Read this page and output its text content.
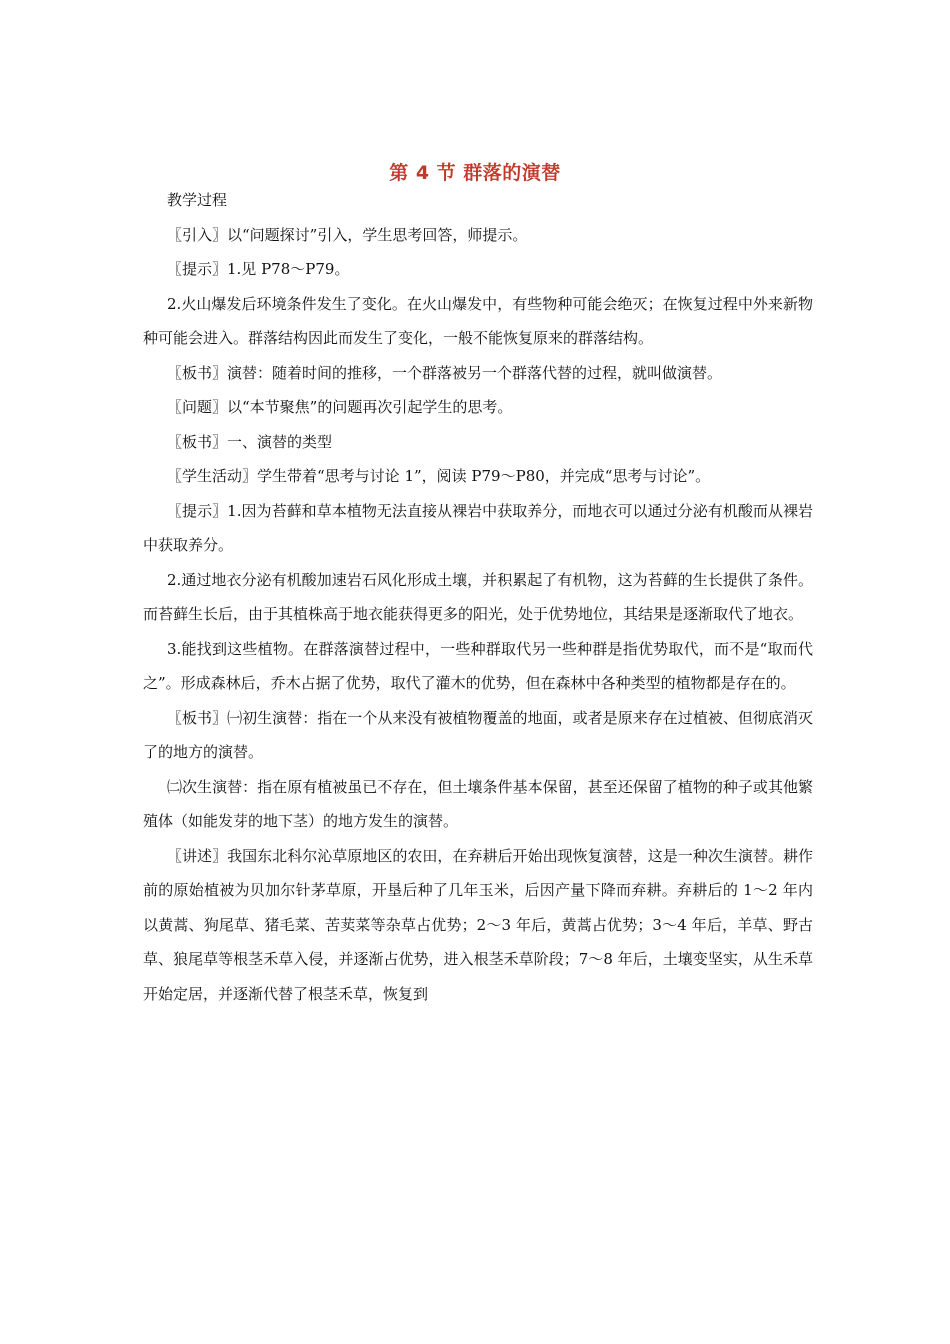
第 4 节 群落的演替

教学过程

〖引入〗以“问题探讨”引入，学生思考回答，师提示。

〖提示〗1.见 P78～P79。

2.火山爆发后环境条件发生了变化。在火山爆发中，有些物种可能会绝灭；在恢复过程中外来新物种可能会进入。群落结构因此而发生了变化，一般不能恢复原来的群落结构。

〖板书〗演替：随着时间的推移，一个群落被另一个群落代替的过程，就叫做演替。

〖问题〗以“本节聚焦”的问题再次引起学生的思考。

〖板书〗一、演替的类型

〖学生活动〗学生带着“思考与讨论 1”，阅读 P79～P80，并完成“思考与讨论”。

〖提示〗1.因为苔藓和草本植物无法直接从裸岩中获取养分，而地衣可以通过分泌有机酸而从裸岩中获取养分。

2.通过地衣分泌有机酸加速岩石风化形成土壤，并积累起了有机物，这为苔藓的生长提供了条件。而苔藓生长后，由于其植株高于地衣能获得更多的阳光，处于优势地位，其结果是逐渐取代了地衣。

3.能找到这些植物。在群落演替过程中，一些种群取代另一些种群是指优势取代，而不是“取而代之”。形成森林后，乔木占据了优势，取代了灌木的优势，但在森林中各种类型的植物都是存在的。

〖板书〗㈠初生演替：指在一个从来没有被植物覆盖的地面，或者是原来存在过植被、但彻底消灭了的地方的演替。

㈡次生演替：指在原有植被虽已不存在，但土壤条件基本保留，甚至还保留了植物的种子或其他繁殖体（如能发芽的地下茎）的地方发生的演替。

〖讲述〗我国东北科尔沁草原地区的农田，在弃耕后开始出现恢复演替，这是一种次生演替。耕作前的原始植被为贝加尔针茅草原，开垦后种了几年玉米，后因产量下降而弃耕。弃耕后的 1～2 年内以黄蒿、狗尾草、猪毛菜、苦荬菜等杂草占优势；2～3 年后，黄蒿占优势；3～4 年后，羊草、野古草、狼尾草等根茎禾草入侵，并逐渐占优势，进入根茎禾草阶段；7～8 年后，土壤变坚实，从生禾草开始定居，并逐渐代替了根茎禾草，恢复到
